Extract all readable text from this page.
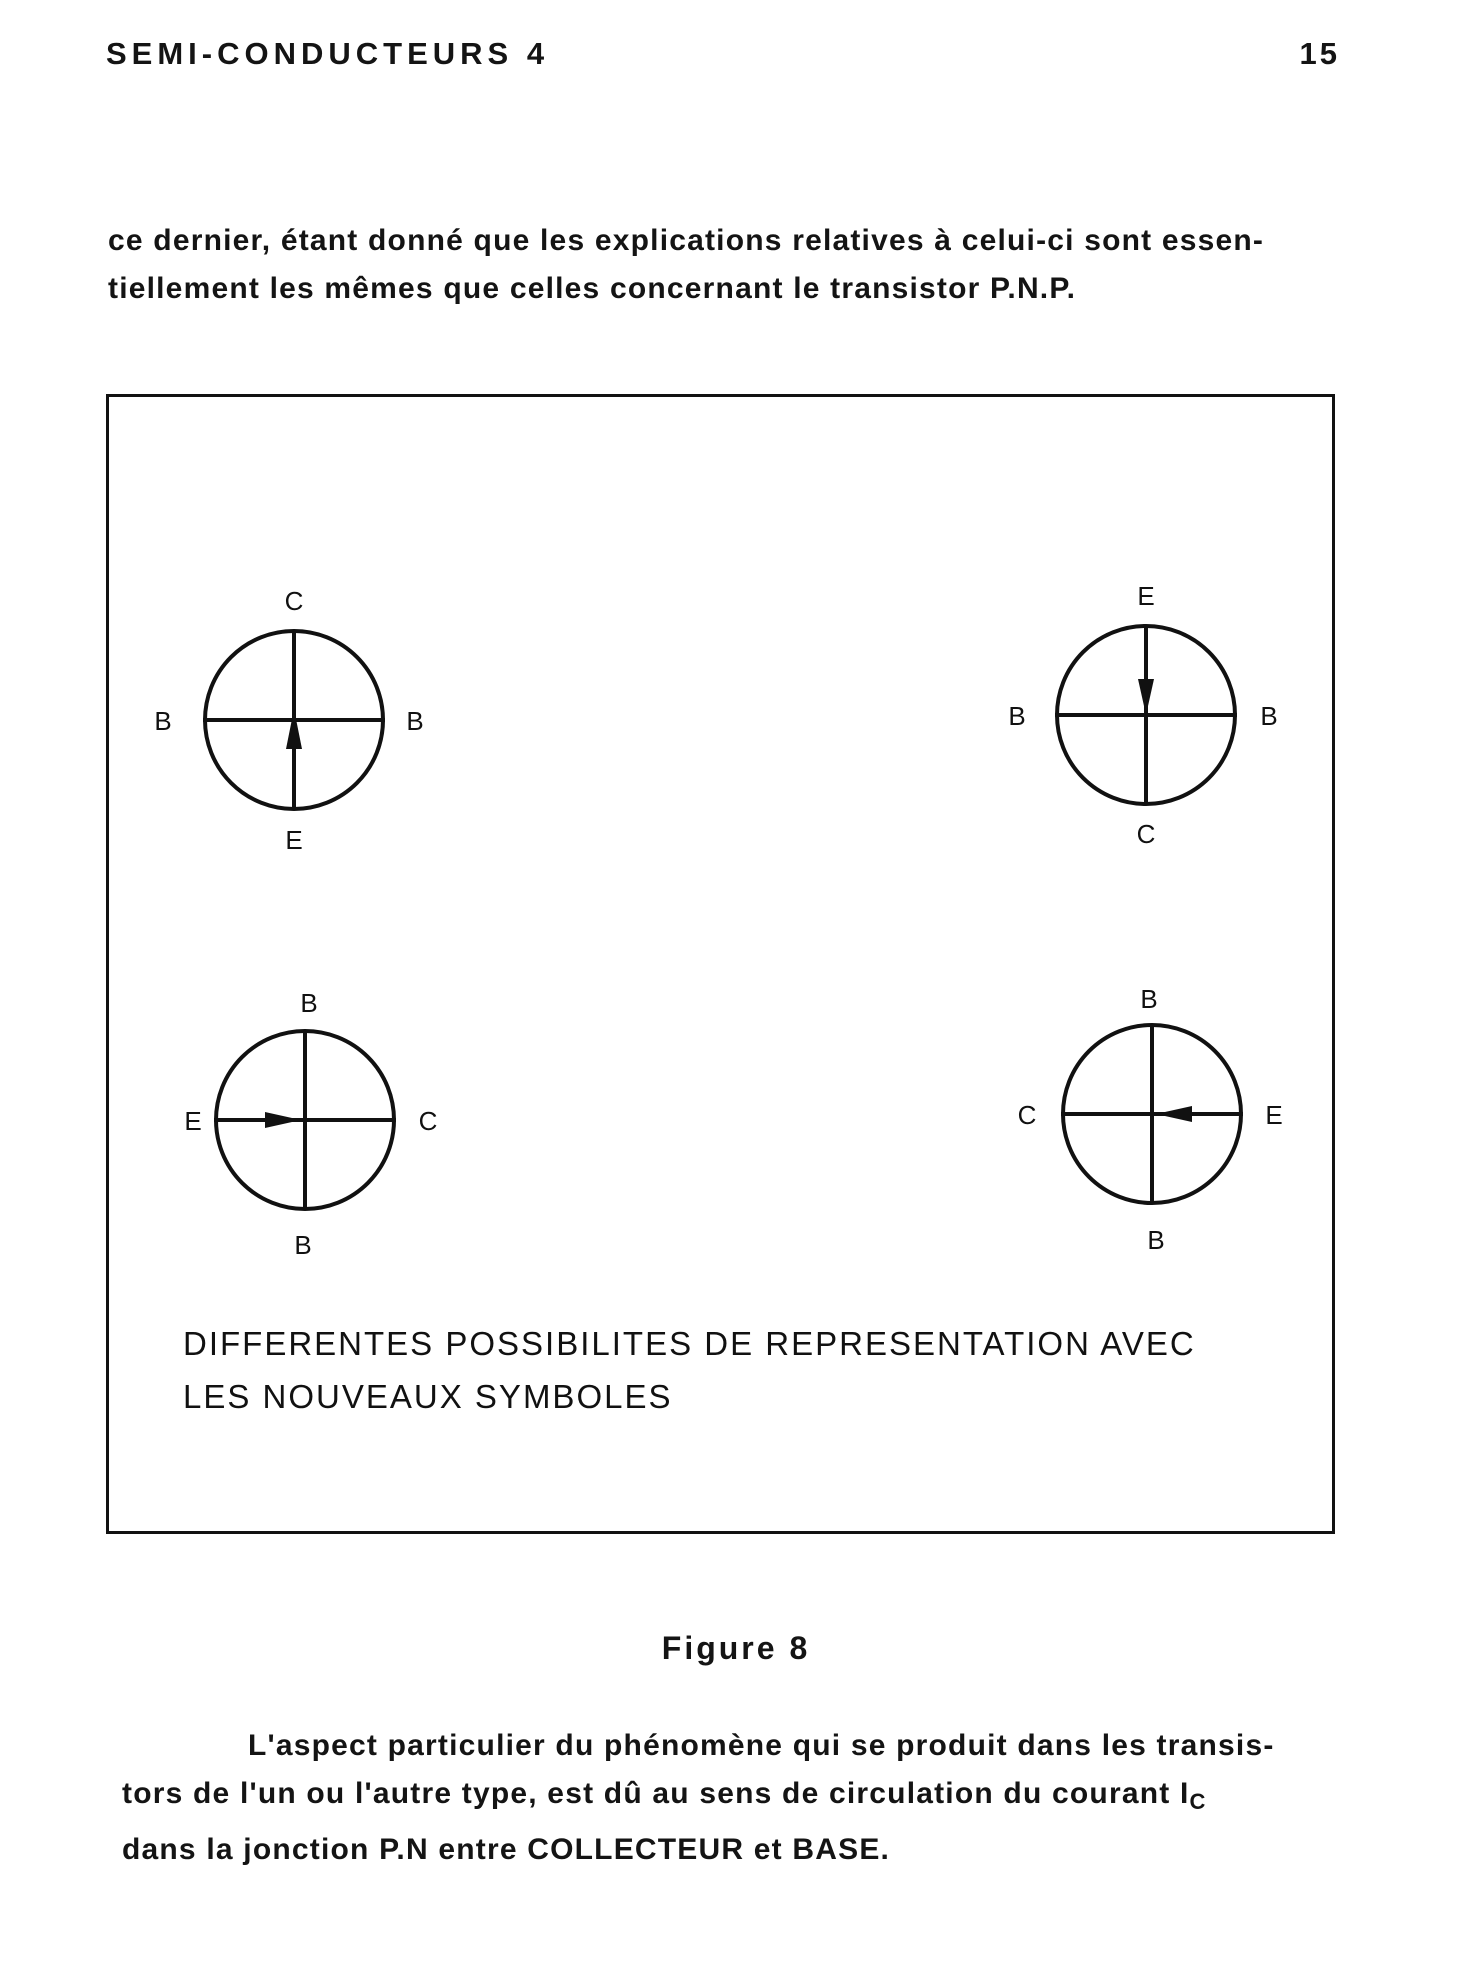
SEMI-CONDUCTEURS 4	15
ce dernier, étant donné que les explications relatives à celui-ci sont essen-
tiellement les mêmes que celles concernant le transistor P.N.P.
C
E
B	B
E
C
B	B
B
B
E	C
B
B
C	E
DIFFERENTES POSSIBILITES DE REPRESENTATION AVEC
LES NOUVEAUX SYMBOLES
Figure 8
L'aspect particulier du phénomène qui se produit dans les transis-
tors de l'un ou l'autre type, est dû au sens de circulation du courant $I_C$
dans la jonction P.N entre COLLECTEUR et BASE.
